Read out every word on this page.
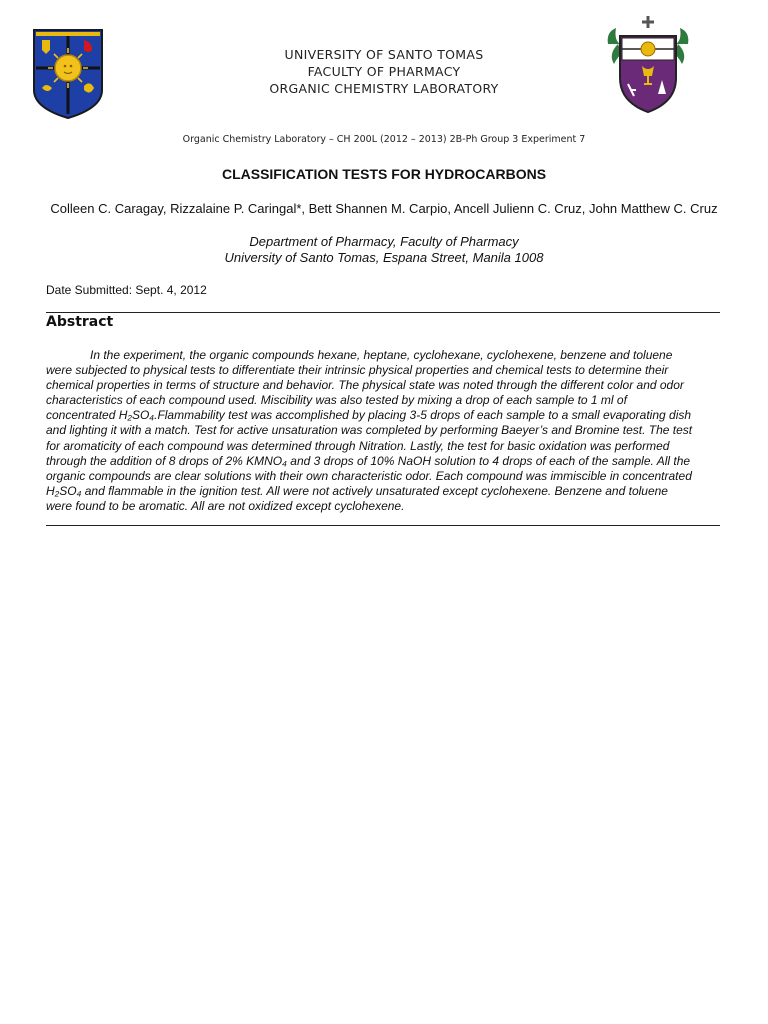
UNIVERSITY OF SANTO TOMAS
FACULTY OF PHARMACY
ORGANIC CHEMISTRY LABORATORY
Organic Chemistry Laboratory – CH 200L (2012 – 2013) 2B-Ph Group 3 Experiment 7
CLASSIFICATION TESTS FOR HYDROCARBONS
Colleen C. Caragay, Rizzalaine P. Caringal*, Bett Shannen M. Carpio, Ancell Julienn C. Cruz, John Matthew C. Cruz
Department of Pharmacy, Faculty of Pharmacy
University of Santo Tomas, Espana Street, Manila 1008
Date Submitted: Sept. 4, 2012
Abstract
In the experiment, the organic compounds hexane, heptane, cyclohexane, cyclohexene, benzene and toluene
were subjected to physical tests to differentiate their intrinsic physical properties and chemical tests to determine their
chemical properties in terms of structure and behavior. The physical state was noted through the different color and odor
characteristics of each compound used. Miscibility was also tested by mixing a drop of each sample to 1 ml of
concentrated H₂SO₄.Flammability test was accomplished by placing 3-5 drops of each sample to a small evaporating dish
and lighting it with a match. Test for active unsaturation was completed by performing Baeyer’s and Bromine test. The test
for aromaticity of each compound was determined through Nitration. Lastly, the test for basic oxidation was performed
through the addition of 8 drops of 2% KMNO₄ and 3 drops of 10% NaOH solution to 4 drops of each of the sample. All the
organic compounds are clear solutions with their own characteristic odor. Each compound was immiscible in concentrated
H₂SO₄ and flammable in the ignition test. All were not actively unsaturated except cyclohexene. Benzene and toluene
were found to be aromatic. All are not oxidized except cyclohexene.
